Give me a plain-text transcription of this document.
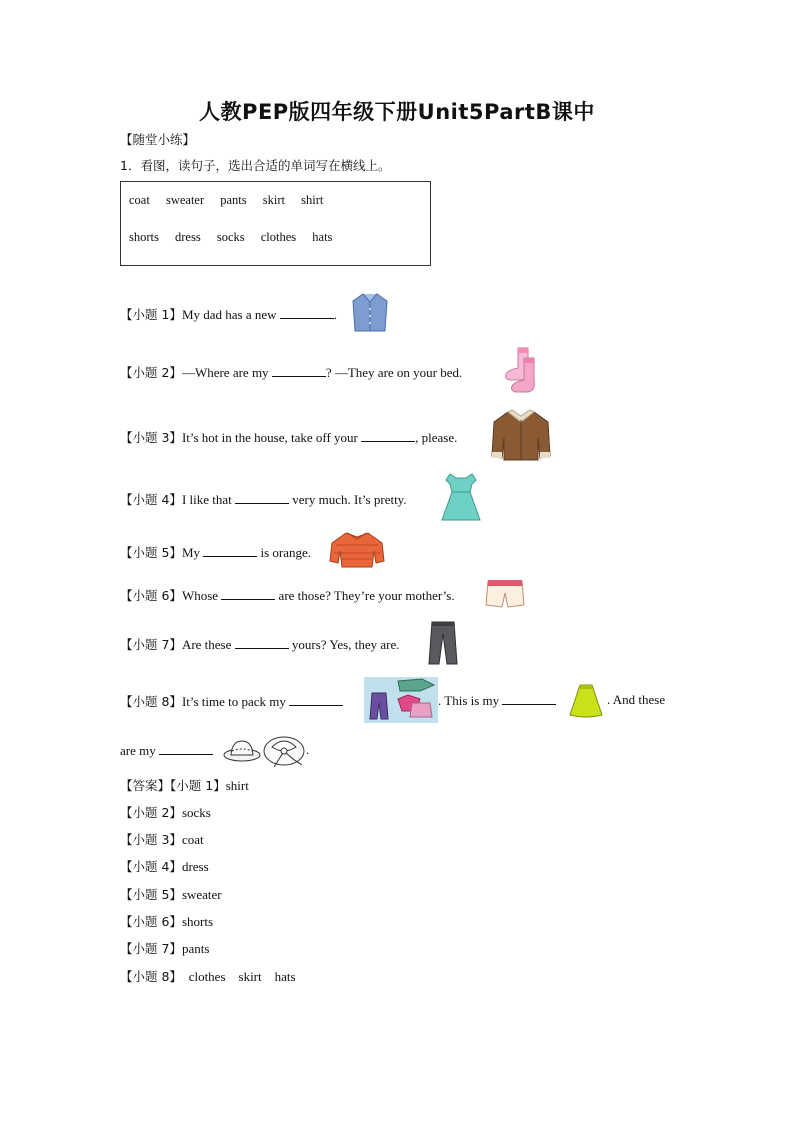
人教PEP版四年级下册Unit5PartB课中
【随堂小练】
1．看图，读句子，选出合适的单词写在横线上。
coat sweater pants skirt shirt
shorts dress socks clothes hats
【小题 1】My dad has a new	.
【小题 2】—Where are my	? —They are on your bed.
【小题 3】It’s hot in the house, take off your	, please.
【小题 4】I like that	very much. It’s pretty.
【小题 5】My	is orange.
【小题 6】Whose	are those? They’re your mother’s.
【小题 7】Are these	yours? Yes, they are.
【小题 8】It’s time to pack my	. This is my	. And these
are my	.
【答案】【小题 1】shirt
【小题 2】socks
【小题 3】coat
【小题 4】dress
【小题 5】sweater
【小题 6】shorts
【小题 7】pants
【小题 8】　clothes　skirt　hats
